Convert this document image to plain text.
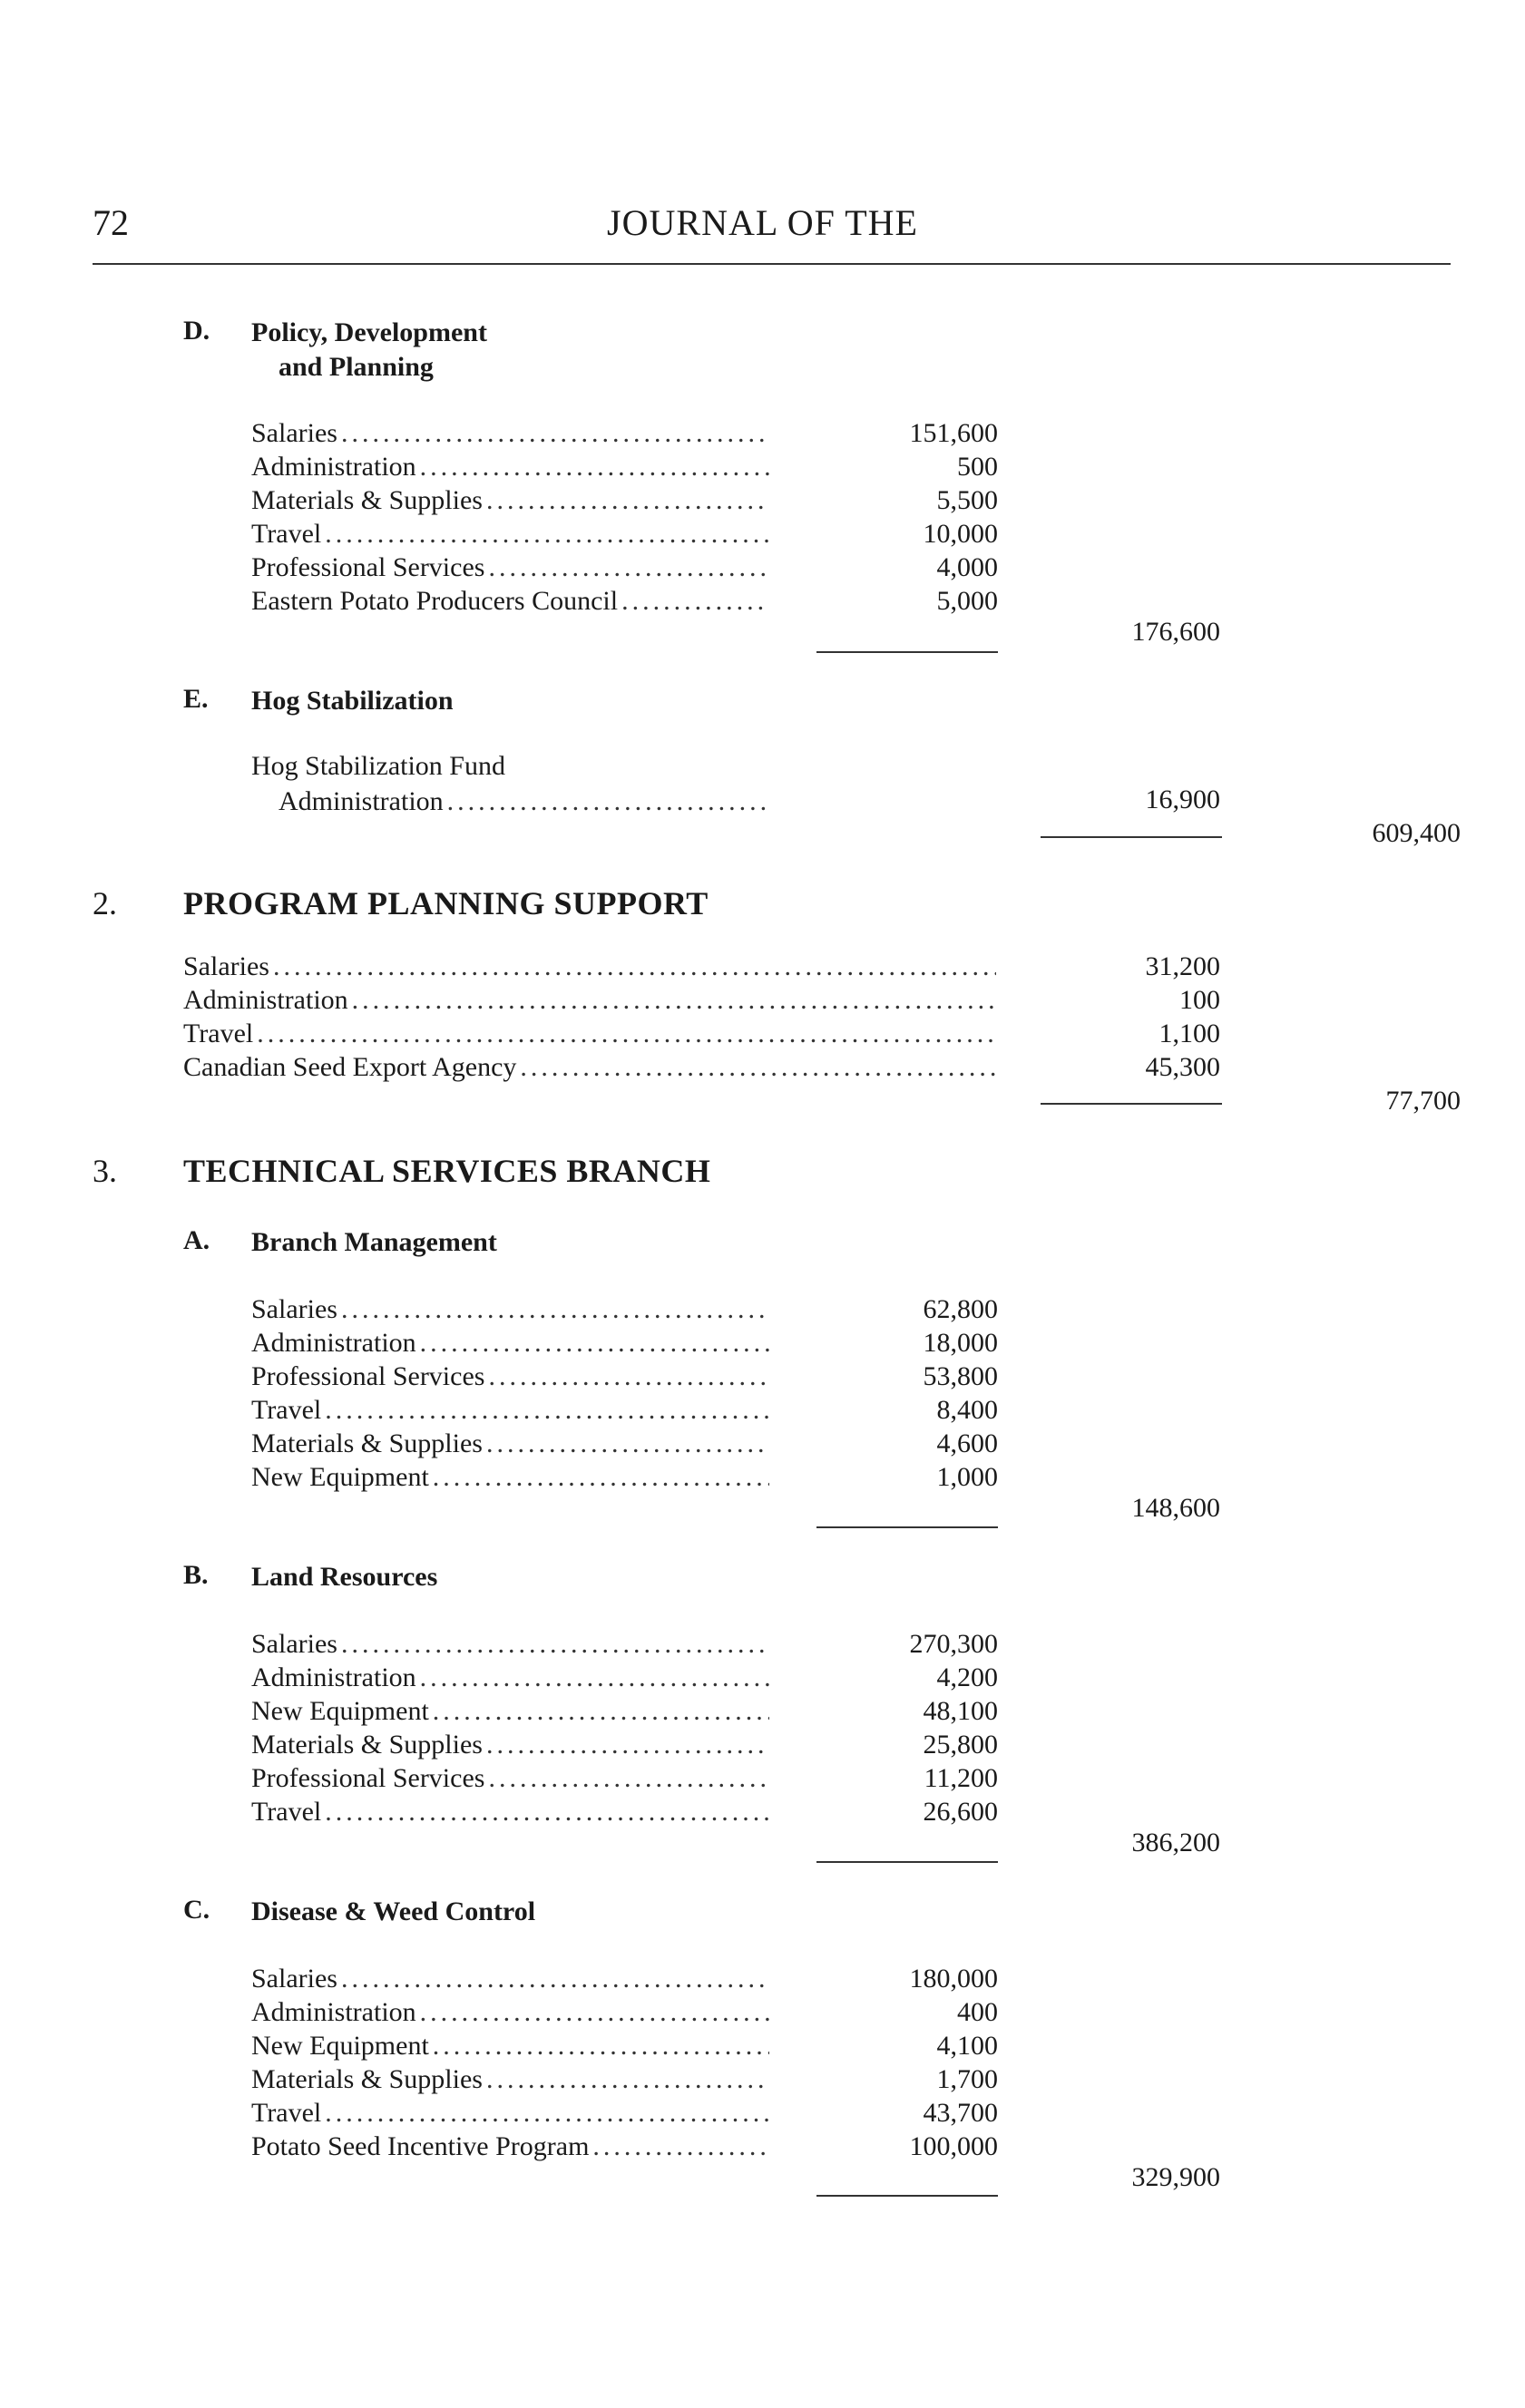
72	JOURNAL OF THE
D. Policy, Development
and Planning
Salaries
.....
Administration
.....
Materials & Supplies
.....
Travel
.....
Professional Services
.....
Eastern Potato Producers Council
.....
151,600
500
5,500
10,000
4,000
5,000
176,600
E. Hog Stabilization
Hog Stabilization Fund
Administration
.....	16,900
609,400
2. PROGRAM PLANNING SUPPORT
Salaries
.....
Administration
.....
Travel
.....
Canadian Seed Export Agency
.....
31,200
100
1,100
45,300
77,700
3. TECHNICAL SERVICES BRANCH
A. Branch Management
Salaries
.....
Administration
.....
Professional Services
.....
Travel
.....
Materials & Supplies
.....
New Equipment
.....
62,800
18,000
53,800
8,400
4,600
1,000
148,600
B. Land Resources
Salaries
.....
Administration
.....
New Equipment
.....
Materials & Supplies
.....
Professional Services
.....
Travel
.....
270,300
4,200
48,100
25,800
11,200
26,600
386,200
C. Disease & Weed Control
Salaries
.....
Administration
.....
New Equipment
.....
Materials & Supplies
.....
Travel
.....
Potato Seed Incentive Program
.....
180,000
400
4,100
1,700
43,700
100,000
329,900
